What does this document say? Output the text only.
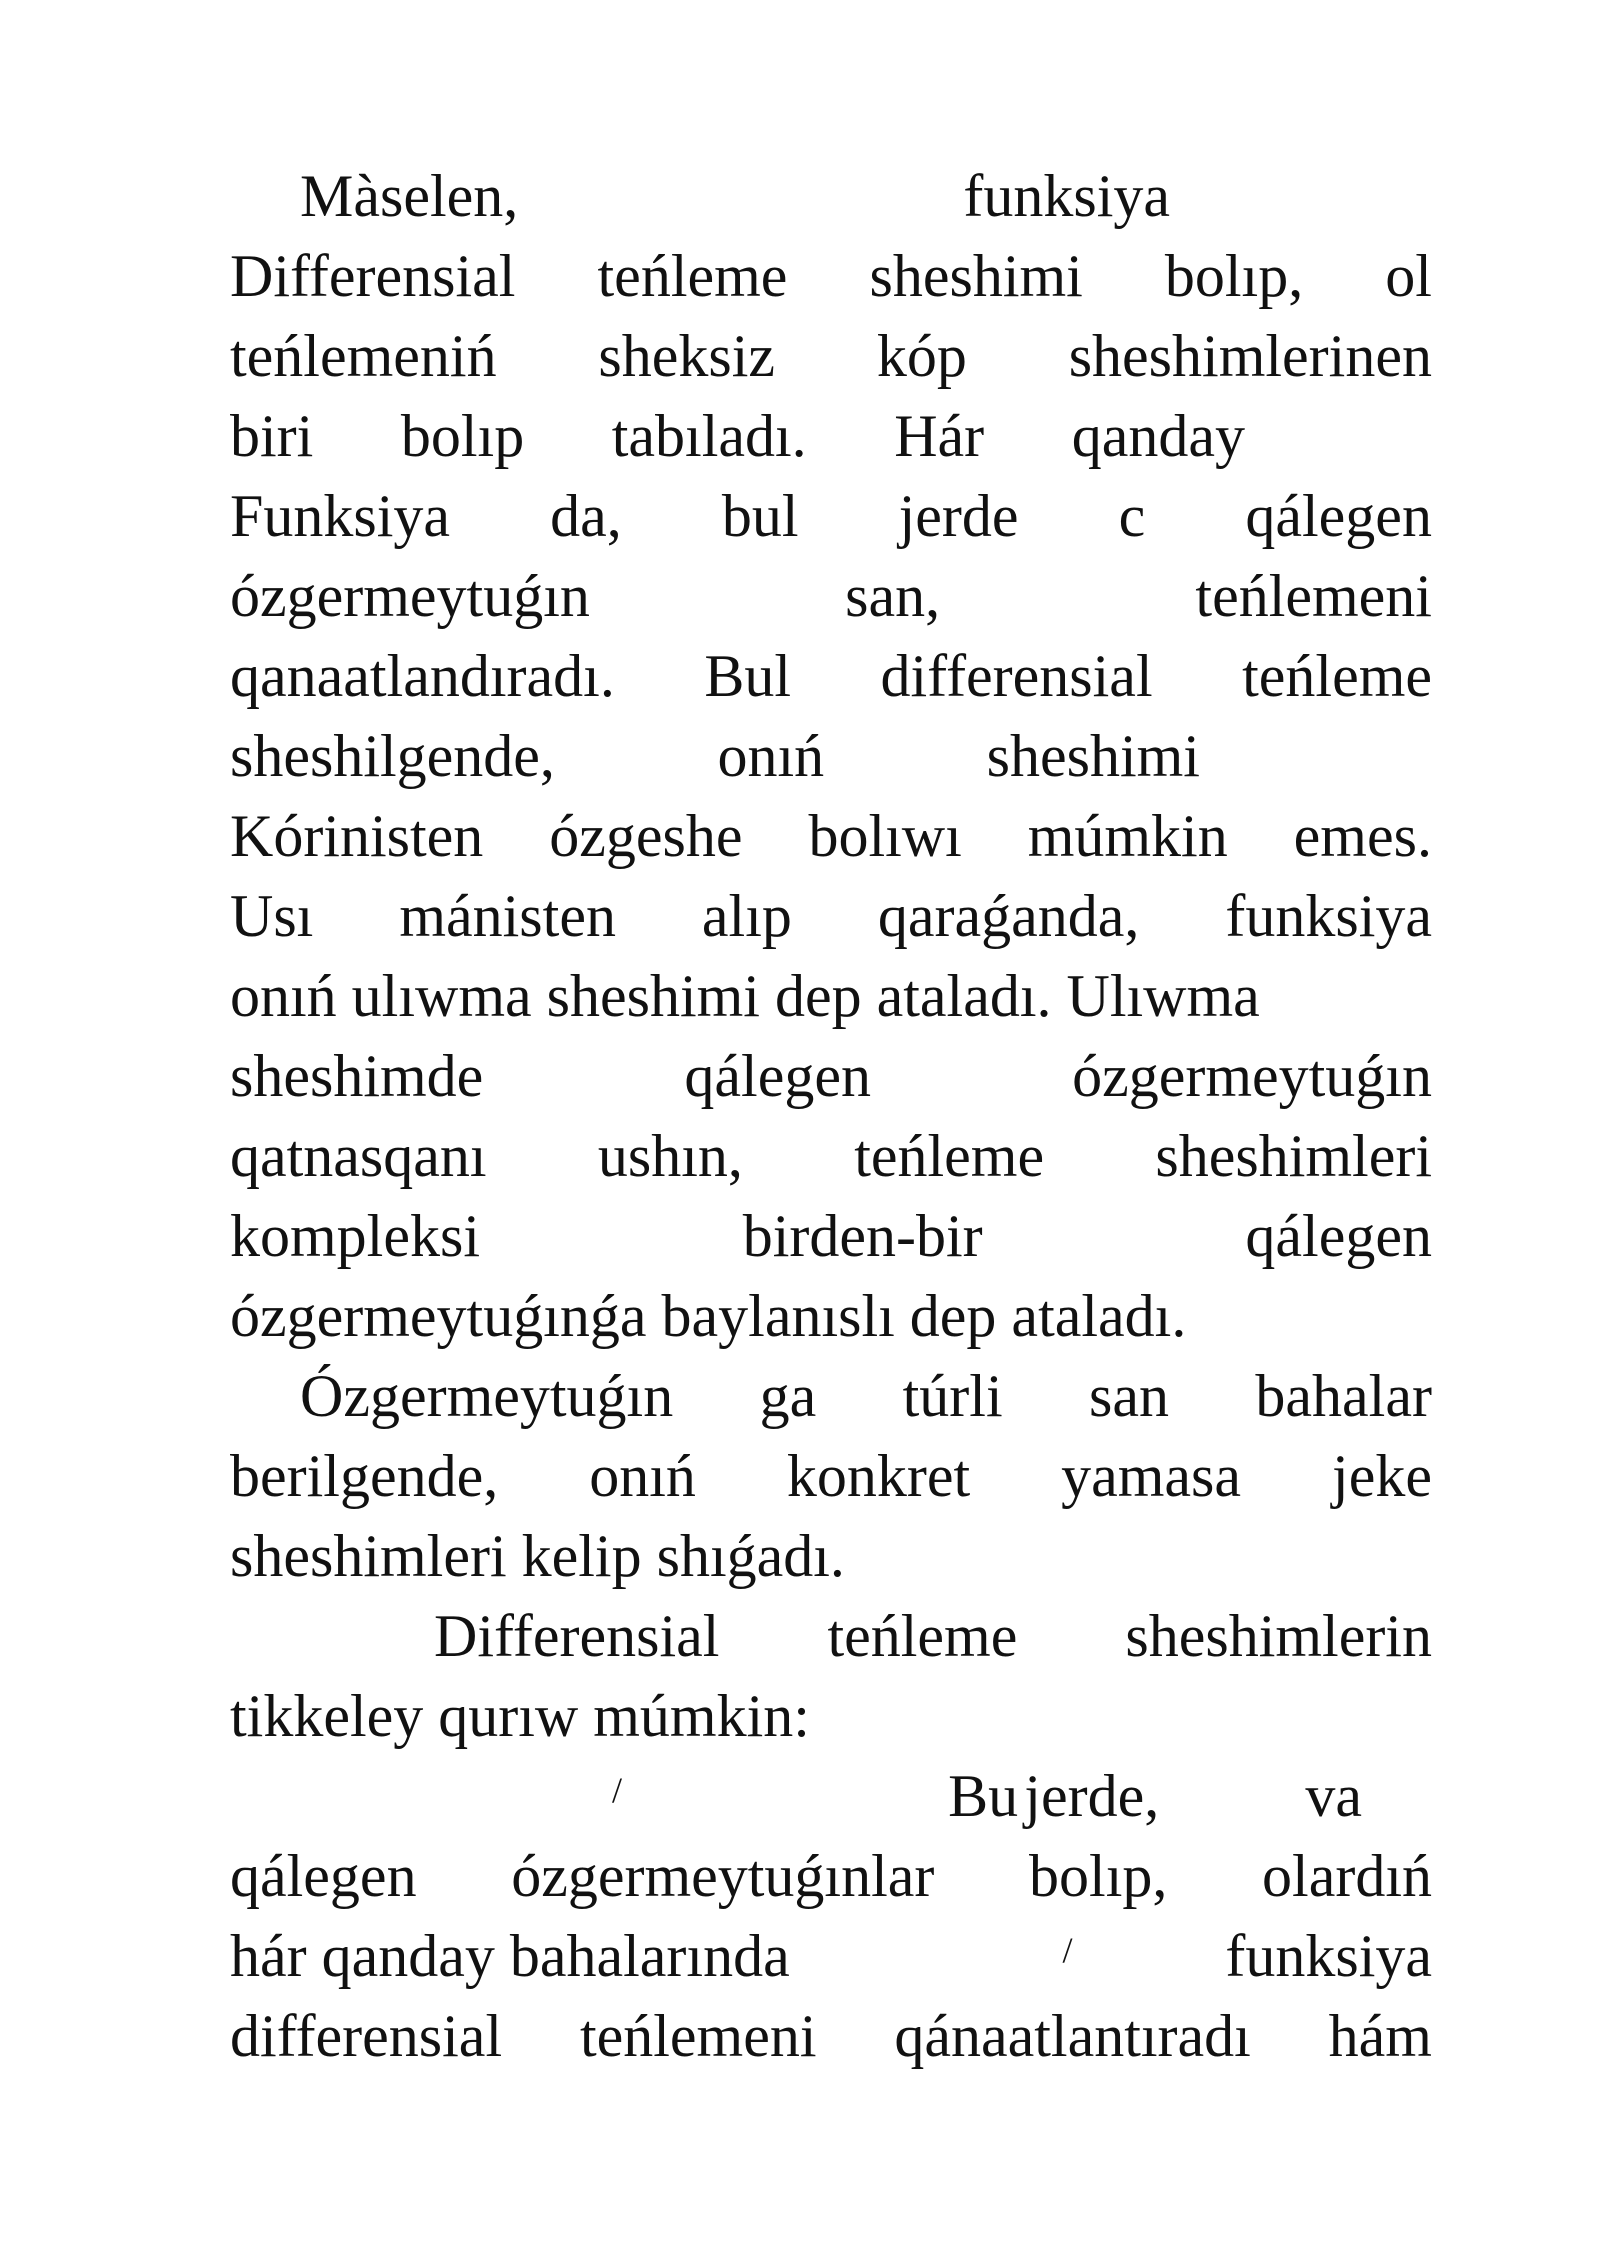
Màselen,	funksiya
Differensial teńleme sheshimi bolıp, ol
teńlemeniń sheksiz kóp sheshimlerinen
biri bolıp tabıladı. Hár qanday
Funksiya da, bul jerde c qálegen
ózgermeytuǵın	san,	teńlemeni
qanaatlandıradı. Bul differensial teńleme
sheshilgende,	onıń	sheshimi
Kórinisten ózgeshe bolıwı múmkin emes.
Usı mánisten alıp qaraǵanda, funksiya
onıń ulıwma sheshimi dep ataladı. Ulıwma
sheshimde	qálegen	ózgermeytuǵın
qatnasqanı ushın, teńleme sheshimleri
kompleksi	birden-bir	qálegen
ózgermeytuǵınǵa baylanıslı dep ataladı.
Ózgermeytuǵın ga túrli san bahalar
berilgende, onıń konkret yamasa jeke
sheshimleri kelip shıǵadı.
Differensial teńleme sheshimlerin
tikkeley qurıw múmkin:
/	Bu jerde, va
qálegen ózgermeytuǵınlar bolıp, olardıń
hár qanday bahalarında	/	funksiya
differensial teńlemeni qánaatlantıradı hám
